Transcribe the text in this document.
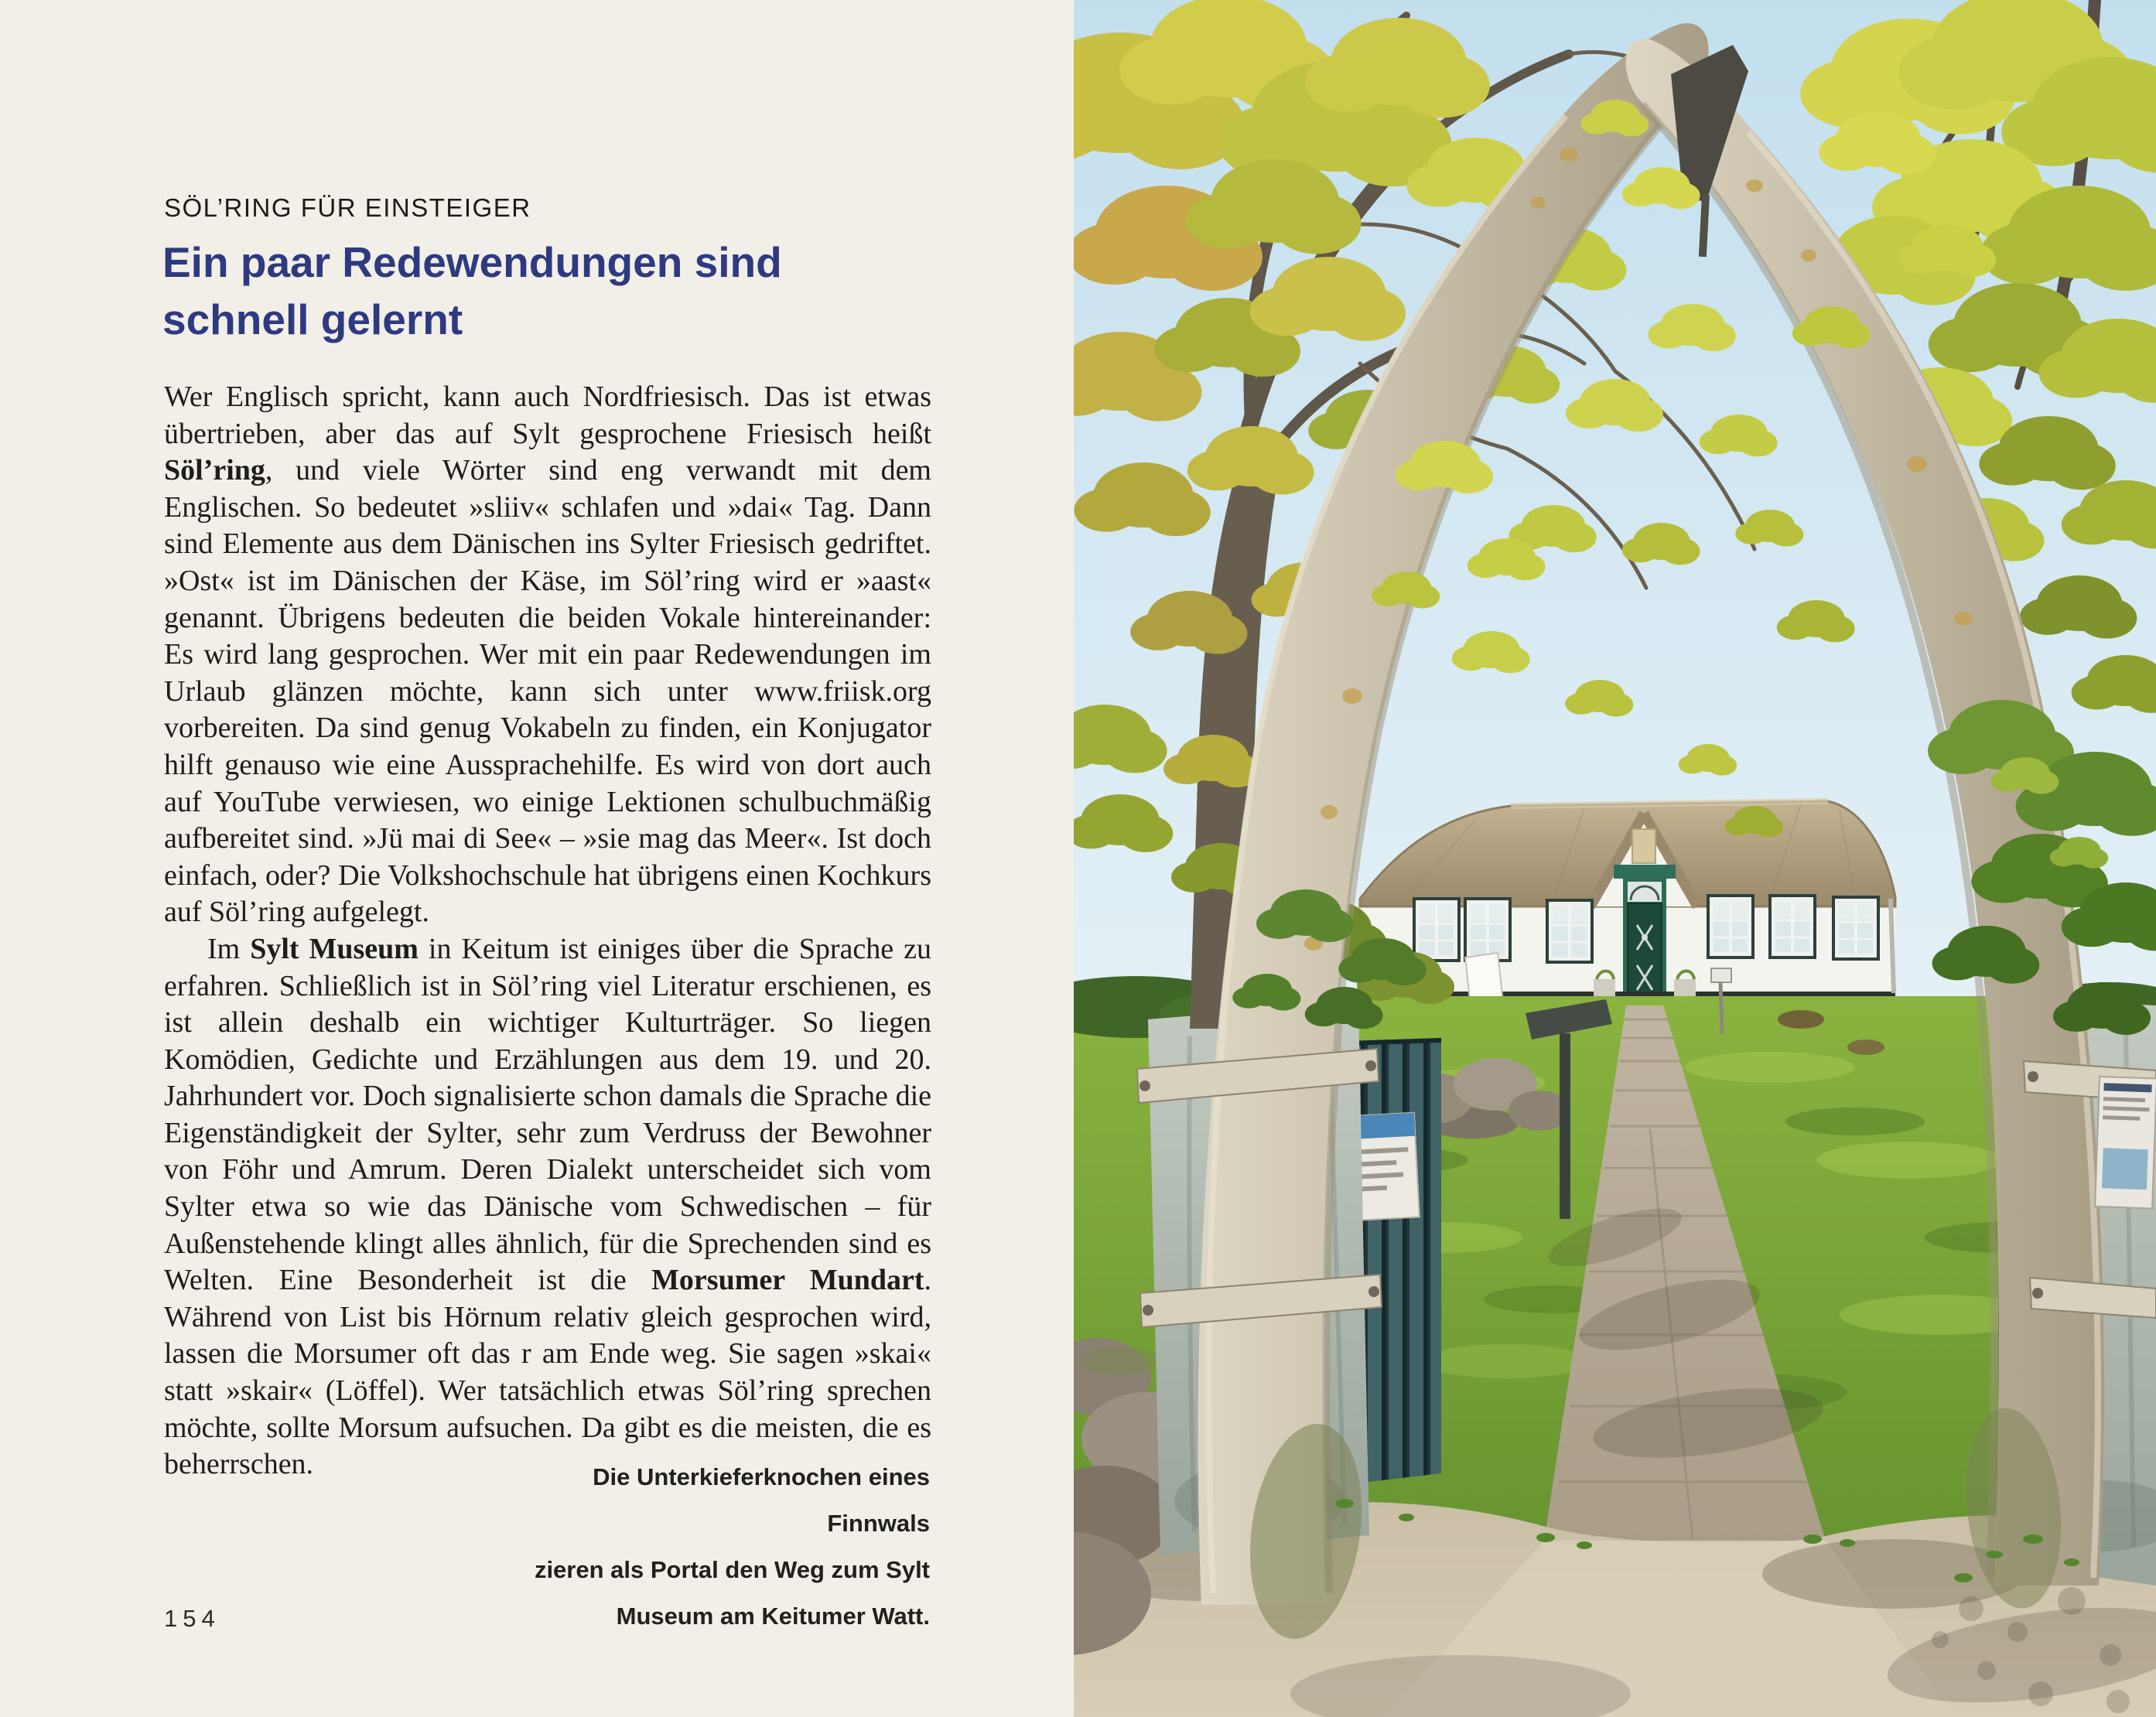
SÖL’RING FÜR EINSTEIGER
Ein paar Redewendungen sind
schnell gelernt

Wer Englisch spricht, kann auch Nordfriesisch. Das ist etwas übertrieben, aber das auf Sylt gesprochene Friesisch heißt Söl’ring, und viele Wörter sind eng verwandt mit dem Englischen. So bedeutet »sliiv« schlafen und »dai« Tag. Dann sind Elemente aus dem Dänischen ins Sylter Friesisch gedriftet. »Ost« ist im Dänischen der Käse, im Söl’ring wird er »aast« genannt. Übrigens bedeuten die beiden Vokale hintereinander: Es wird lang gesprochen. Wer mit ein paar Redewendungen im Urlaub glänzen möchte, kann sich unter www.friisk.org vorbereiten. Da sind genug Vokabeln zu finden, ein Konjugator hilft genauso wie eine Aussprachehilfe. Es wird von dort auch auf YouTube verwiesen, wo einige Lektionen schulbuchmäßig aufbereitet sind. »Jü mai di See« – »sie mag das Meer«. Ist doch einfach, oder? Die Volkshochschule hat übrigens einen Kochkurs auf Söl’ring aufgelegt.

Im Sylt Museum in Keitum ist einiges über die Sprache zu erfahren. Schließlich ist in Söl’ring viel Literatur erschienen, es ist allein deshalb ein wichtiger Kulturträger. So liegen Komödien, Gedichte und Erzählungen aus dem 19. und 20. Jahrhundert vor. Doch signalisierte schon damals die Sprache die Eigenständigkeit der Sylter, sehr zum Verdruss der Bewohner von Föhr und Amrum. Deren Dialekt unterscheidet sich vom Sylter etwa so wie das Dänische vom Schwedischen – für Außenstehende klingt alles ähnlich, für die Sprechenden sind es Welten. Eine Besonderheit ist die Morsumer Mundart. Während von List bis Hörnum relativ gleich gesprochen wird, lassen die Morsumer oft das r am Ende weg. Sie sagen »skai« statt »skair« (Löffel). Wer tatsächlich etwas Söl’ring sprechen möchte, sollte Morsum aufsuchen. Da gibt es die meisten, die es beherrschen.	Die Unterkieferknochen eines Finnwals
zieren als Portal den Weg zum Sylt
Museum am Keitumer Watt.
154
